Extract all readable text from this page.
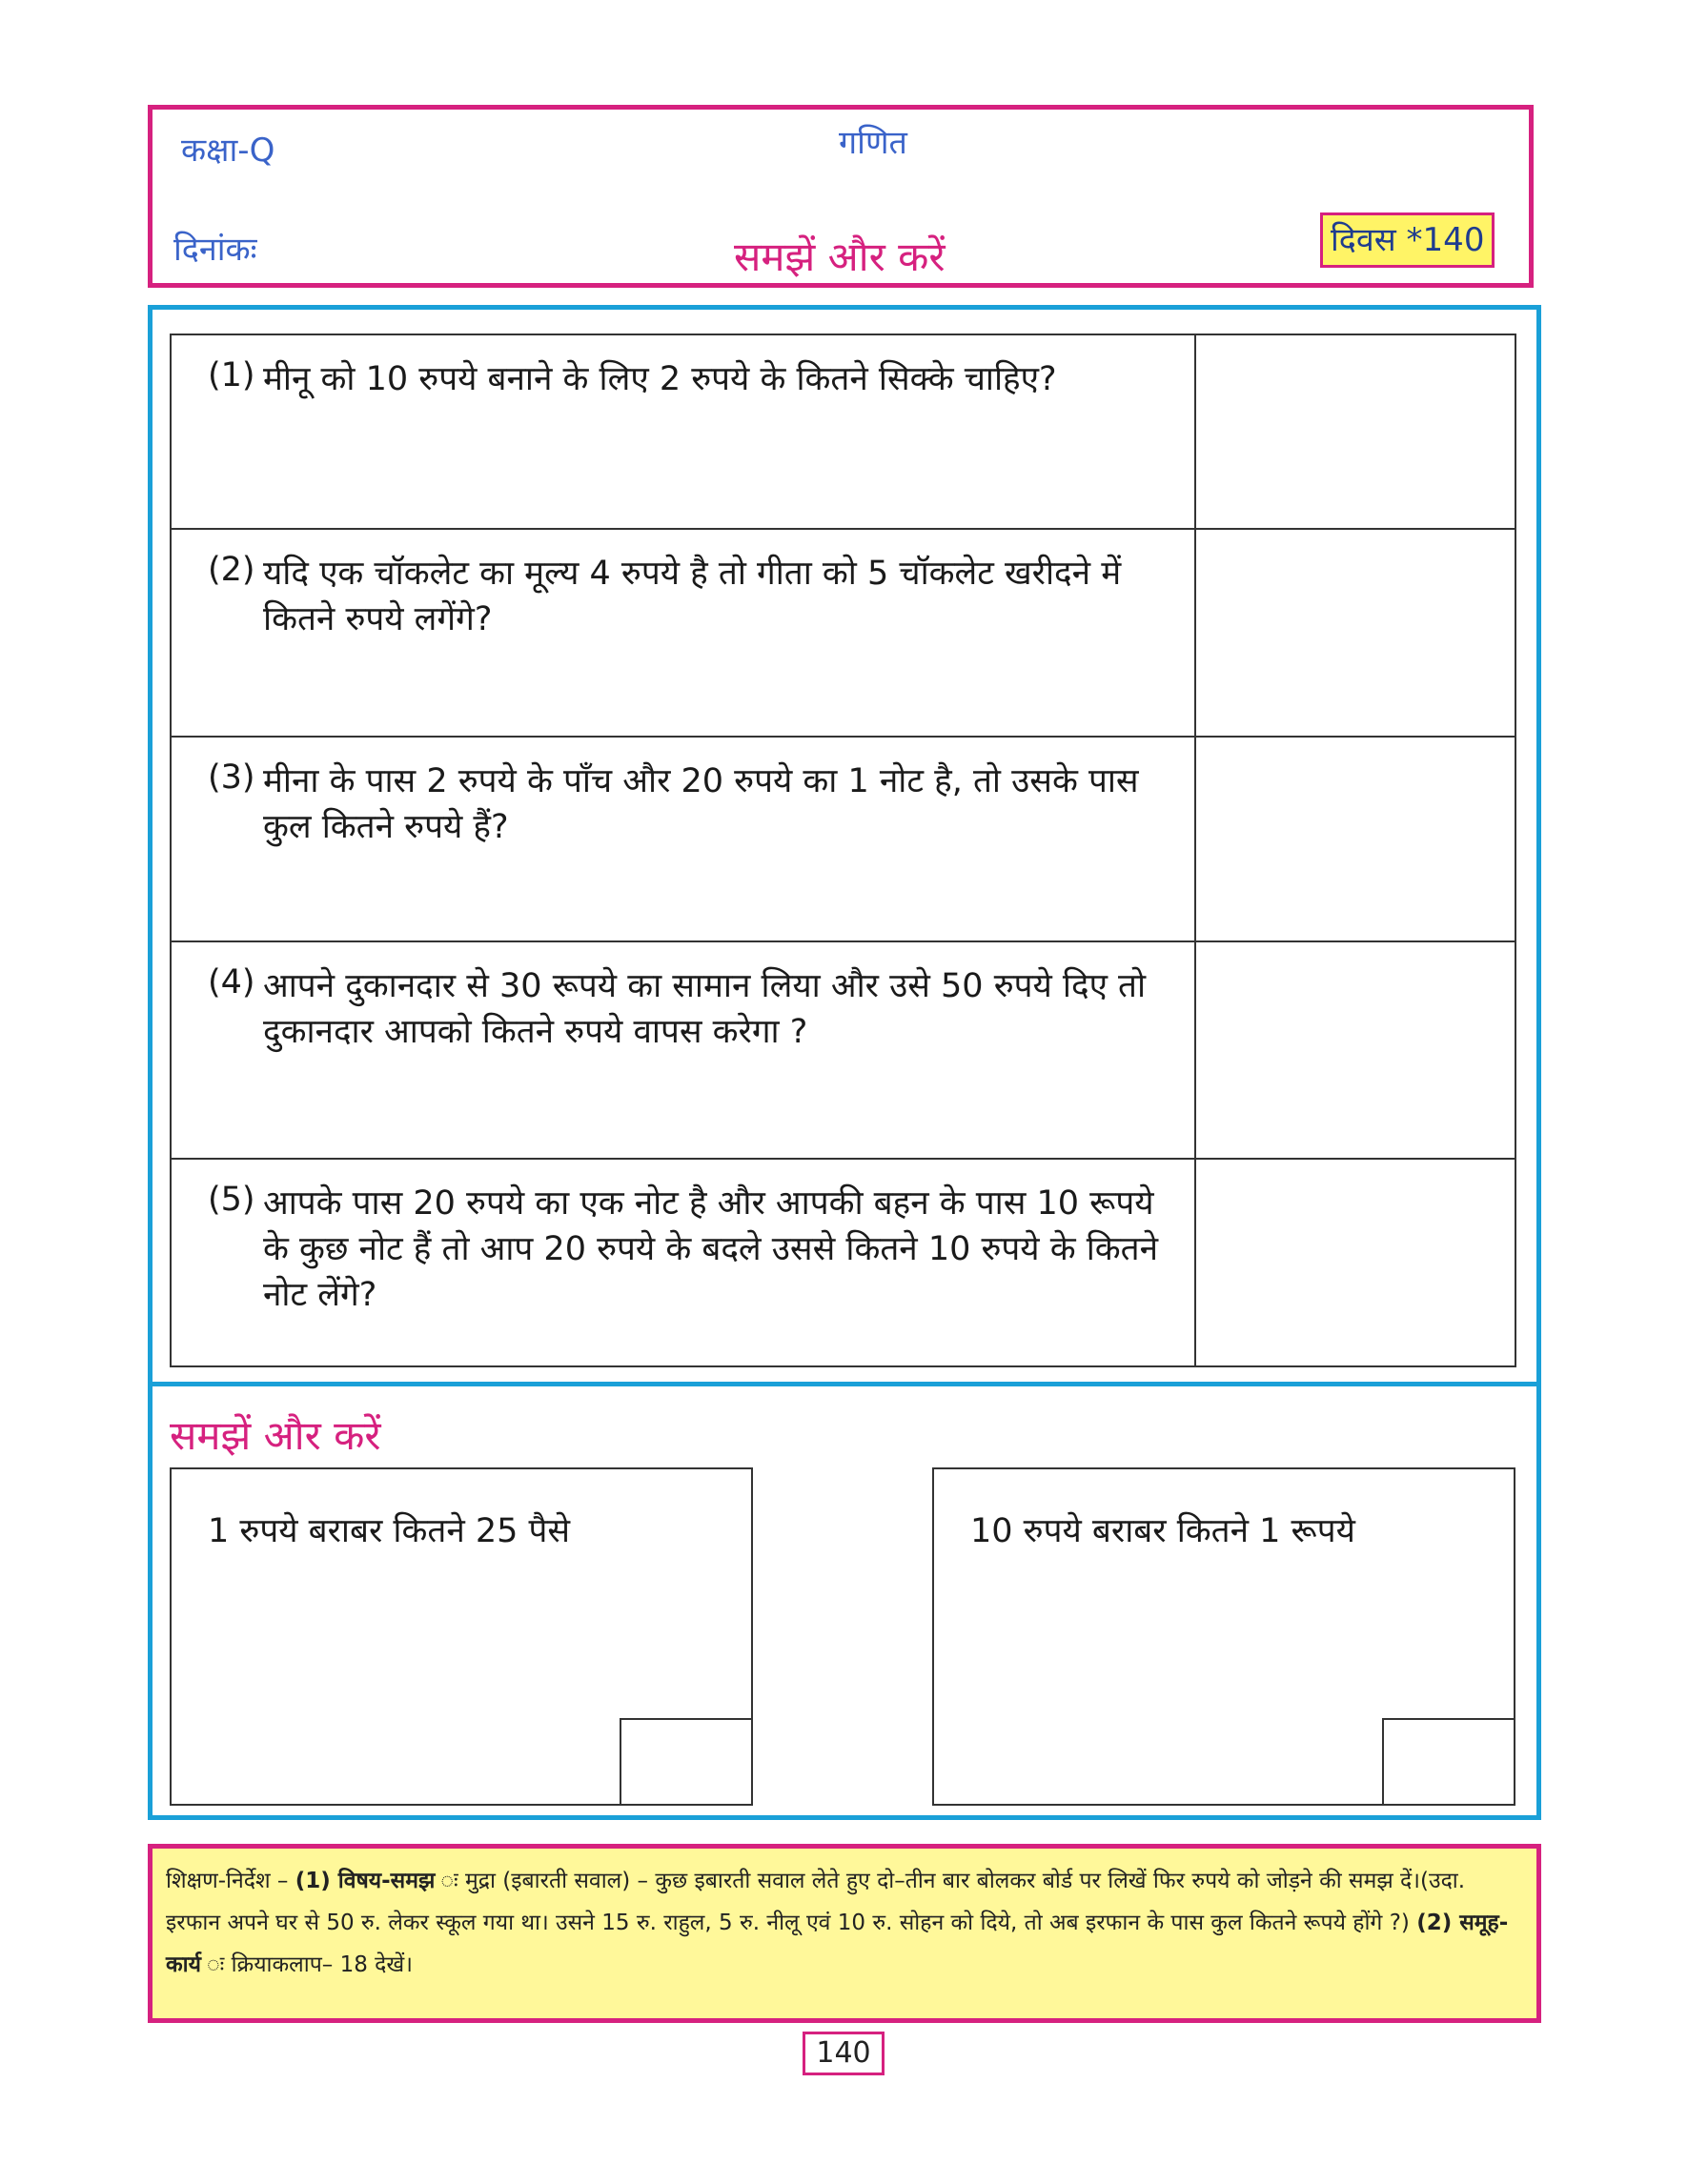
कक्षा-Q	गणित
दिनांकः	समझें और करें	दिवस *140
(1) मीनू को 10 रुपये बनाने के लिए 2 रुपये के कितने सिक्के चाहिए?
(2) यदि एक चॉकलेट का मूल्य 4 रुपये है तो गीता को 5 चॉकलेट खरीदने में कितने रुपये लगेंगे?
(3) मीना के पास 2 रुपये के पाँच और 20 रुपये का 1 नोट है, तो उसके पास कुल कितने रुपये हैं?
(4) आपने दुकानदार से 30 रूपये का सामान लिया और उसे 50 रुपये दिए तो दुकानदार आपको कितने रुपये वापस करेगा ?
(5) आपके पास 20 रुपये का एक नोट है और आपकी बहन के पास 10 रूपये के कुछ नोट हैं तो आप 20 रुपये के बदले उससे कितने 10 रुपये के कितने नोट लेंगे?
समझें और करें
1 रुपये बराबर कितने 25 पैसे	10 रुपये बराबर कितने 1 रूपये
शिक्षण-निर्देश – (1) विषय-समझ ः मुद्रा (इबारती सवाल) – कुछ इबारती सवाल लेते हुए दो–तीन बार बोलकर बोर्ड पर लिखें फिर रुपये को जोड़ने की समझ दें।(उदा. इरफान अपने घर से 50 रु. लेकर स्कूल गया था। उसने 15 रु. राहुल, 5 रु. नीलू एवं 10 रु. सोहन को दिये, तो अब इरफान के पास कुल कितने रूपये होंगे ?) (2) समूह-कार्य ः क्रियाकलाप– 18 देखें।
140
